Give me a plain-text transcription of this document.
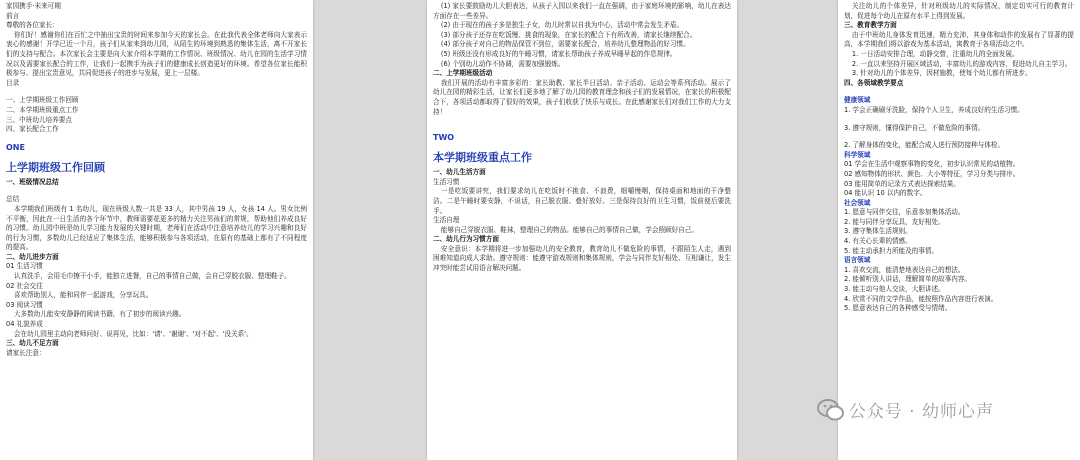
家园携手·未来可期
前言
尊敬的各位家长：
你们好！感谢你们在百忙之中抽出宝贵的时间来参加今天的家长会。在此我代表全体老师向大家表示衷心的感谢！开学已近一个月，孩子们从家来到幼儿园，从陌生的环境到熟悉的集体生活，离不开家长们的支持与配合。本次家长会主要是向大家介绍本学期的工作情况、班级情况、幼儿在园的生活学习情况以及需要家长配合的工作，让我们一起携手为孩子们的健康成长创造更好的环境。希望各位家长能积极参与、提出宝贵意见，共同促进孩子的进步与发展，更上一层楼。
目录
一、上学期班级工作回顾
二、本学期班级重点工作
三、中班幼儿培养要点
四、家长配合工作
ONE
上学期班级工作回顾
一、班级情况总结
总结
本学期我们班级有 1 名幼儿，现在班级人数一共是 33 人，其中男孩 19 人，女孩 14 人。男女比例不平衡，因此在一日生活的各个环节中，教师需要花更多的精力关注男孩们的常规，帮助他们养成良好的习惯。幼儿园中班是幼儿学习能力发展的关键时期，老师们在活动中注意培养幼儿的学习兴趣和良好的行为习惯，多数幼儿已经适应了集体生活，能够积极参与各项活动，在原有的基础上都有了不同程度的提高。
二、幼儿进步方面
01 生活习惯
认真洗手，会用毛巾擦干小手，能独立进餐，自己的事情自己做，会自己穿脱衣服、整理鞋子。
02 社会交往
喜欢帮助别人，能和同伴一起游戏，分享玩具。
03 阅读习惯
大多数幼儿能安安静静的阅读书籍，有了初步的阅读兴趣。
04 礼貌养成
会在幼儿园里主动向老师问好、说再见，比如：'请'、'谢谢'、'对不起'、'没关系'。
三、幼儿不足方面
请家长注意：
(1) 家长要鼓励幼儿大胆表达，从孩子入园以来我们一直在强调，由于家庭环境的影响，幼儿在表达方面存在一些差异。
(2) 由于现在的孩子多是独生子女，幼儿时常以自我为中心，活动中常会发生矛盾。
(3) 部分孩子还存在吃饭慢、挑食的现象，在家长的配合下有所改善，请家长继续配合。
(4) 部分孩子对自己的物品保管不到位，需要家长配合，培养幼儿整理物品的好习惯。
(5) 班级还没有形成良好的午睡习惯，请家长帮助孩子养成早睡早起的作息规律。
(6) 个别幼儿动作不协调，需要加强锻炼。
二、上学期班级活动
我们开展的活动有丰富多彩的：家长助教、家长半日活动、亲子活动、运动会等系列活动。展示了幼儿在园的精彩生活，让家长们更多地了解了幼儿园的教育理念和孩子们的发展情况，在家长的积极配合下，各项活动都取得了很好的效果，孩子们收获了快乐与成长。在此感谢家长们对我们工作的大力支持！
TWO
本学期班级重点工作
一、幼儿生活方面
生活习惯
一是吃饭要讲究，我们要求幼儿在吃饭时不挑食、不浪费，细嚼慢咽，保持桌面和地面的干净整洁。二是午睡时要安静，不说话，自己脱衣服、叠好放好。三是保持良好的卫生习惯，饭前便后要洗手。
生活自理
能够自己穿脱衣服、鞋袜，整理自己的物品。能够自己的事情自己做，学会照顾好自己。
二、幼儿行为习惯方面
安全意识：本学期将进一步加强幼儿的安全教育，教育幼儿不做危险的事情，不跟陌生人走，遇到困难知道向成人求助。遵守规则：能遵守游戏规则和集体规则，学会与同伴友好相处、互相谦让，发生冲突时能尝试用语言解决问题。
关注幼儿的个体差异，针对班级幼儿的实际情况，制定切实可行的教育计划，促进每个幼儿在原有水平上得到发展。
三、教育教学方面
由于中班幼儿身体发育迅速，精力充沛，其身体和动作的发展有了显著的提高，本学期我们将以游戏为基本活动，寓教育于各项活动之中。
1. 一日活动安排合理，动静交替，注重幼儿的全面发展。
2. 一直以来坚持开展区域活动，丰富幼儿的游戏内容，促进幼儿自主学习。
3. 针对幼儿的个体差异，因材施教，使每个幼儿都有所进步。
四、各领域教学要点
健康领域
1. 学会正确刷牙洗脸，保持个人卫生，养成良好的生活习惯。
3. 遵守规则，懂得保护自己，不做危险的事情。
2. 了解身体的变化，能配合成人进行预防接种与体检。
科学领域
01 学会在生活中观察事物的变化，初步认识常见的动植物。
02 感知物体的形状、颜色、大小等特征，学习分类与排序。
03 能用简单的记录方式表达探索结果。
04 能认识 10 以内的数字。
社会领域
1. 愿意与同伴交往，乐意参加集体活动。
2. 能与同伴分享玩具，友好相处。
3. 遵守集体生活规则。
4. 有关心长辈的情感。
5. 能主动承担力所能及的事情。
语言领域
1. 喜欢交流，能清楚地表达自己的想法。
2. 能倾听别人讲话，理解简单的故事内容。
3. 能主动与他人交谈，大胆讲述。
4. 欣赏不同的文学作品，能按照作品内容进行表演。
5. 愿意表达自己的各种感受与情绪。
公众号 · 幼师心声
